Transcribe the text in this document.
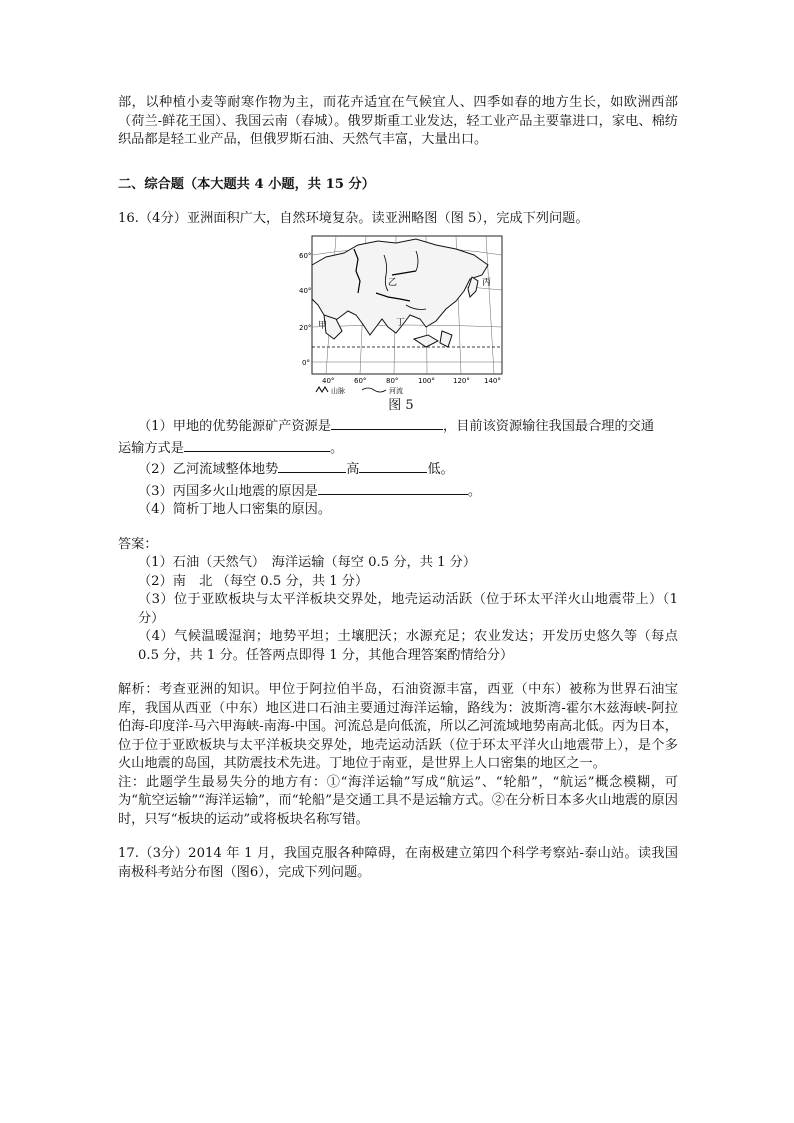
部，以种植小麦等耐寒作物为主，而花卉适宜在气候宜人、四季如春的地方生长，如欧洲西部（荷兰-鲜花王国）、我国云南（春城）。俄罗斯重工业发达，轻工业产品主要靠进口，家电、棉纺织品都是轻工业产品，但俄罗斯石油、天然气丰富，大量出口。

二、综合题（本大题共 4 小题，共 15 分）

16.（4分）亚洲面积广大，自然环境复杂。读亚洲略图（图 5），完成下列问题。

60°
40°
20°
0°
40°	60°	80°	100°	120° 140°
甲
乙	丙
丁
山脉	河流
图 5

（1）甲地的优势能源矿产资源是	，目前该资源输往我国最合理的交通

运输方式是	。

（2）乙河流域整体地势	高	低。

（3）丙国多火山地震的原因是	。

（4）简析丁地人口密集的原因。

答案：

（1）石油（天然气）　海洋运输（每空 0.5 分，共 1 分）

（2）南　北 （每空 0.5 分，共 1 分）

（3）位于亚欧板块与太平洋板块交界处，地壳运动活跃（位于环太平洋火山地震带上）（1 分）

（4）气候温暖湿润；地势平坦；土壤肥沃；水源充足；农业发达；开发历史悠久等（每点 0.5 分，共 1 分。任答两点即得 1 分，其他合理答案酌情给分）

解析：考查亚洲的知识。甲位于阿拉伯半岛，石油资源丰富，西亚（中东）被称为世界石油宝库，我国从西亚（中东）地区进口石油主要通过海洋运输，路线为：波斯湾-霍尔木兹海峡-阿拉伯海-印度洋-马六甲海峡-南海-中国。河流总是向低流，所以乙河流域地势南高北低。丙为日本，位于位于亚欧板块与太平洋板块交界处，地壳运动活跃（位于环太平洋火山地震带上），是个多火山地震的岛国，其防震技术先进。丁地位于南亚，是世界上人口密集的地区之一。

注：此题学生最易失分的地方有：①“海洋运输”写成“航运”、“轮船”，“航运”概念模糊，可为“航空运输”“海洋运输”，而“轮船”是交通工具不是运输方式。②在分析日本多火山地震的原因时，只写“板块的运动”或将板块名称写错。

17.（3分）2014 年 1 月，我国克服各种障碍，在南极建立第四个科学考察站-泰山站。读我国南极科考站分布图（图6），完成下列问题。
